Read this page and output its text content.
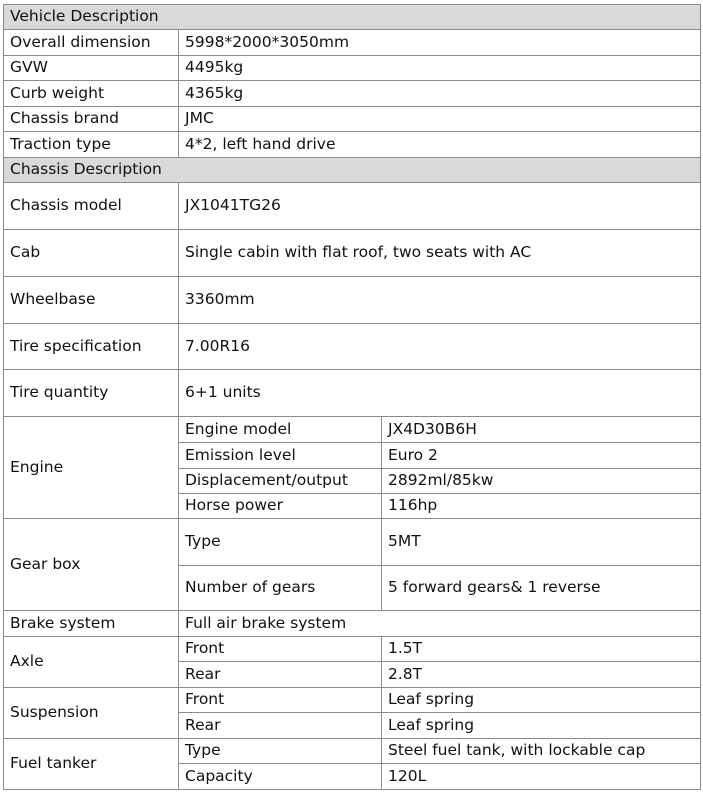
Vehicle Description		
Overall dimension	5998*2000*3050mm	
GVW	4495kg	
Curb weight	4365kg	
Chassis brand	JMC	
Traction type	4*2, left hand drive	
Chassis Description		
Chassis model	JX1041TG26	
Cab	Single cabin with flat roof, two seats with AC	
Wheelbase	3360mm	
Tire specification	7.00R16	
Tire quantity	6+1 units	
Engine	Engine model	JX4D30B6H
	Emission level	Euro 2
	Displacement/output	2892ml/85kw
	Horse power	116hp
Gear box	Type	5MT
	Number of gears	5 forward gears& 1 reverse
Brake system	Full air brake system	
Axle	Front	1.5T
	Rear	2.8T
Suspension	Front	Leaf spring
	Rear	Leaf spring
Fuel tanker	Type	Steel fuel tank, with lockable cap
	Capacity	120L
